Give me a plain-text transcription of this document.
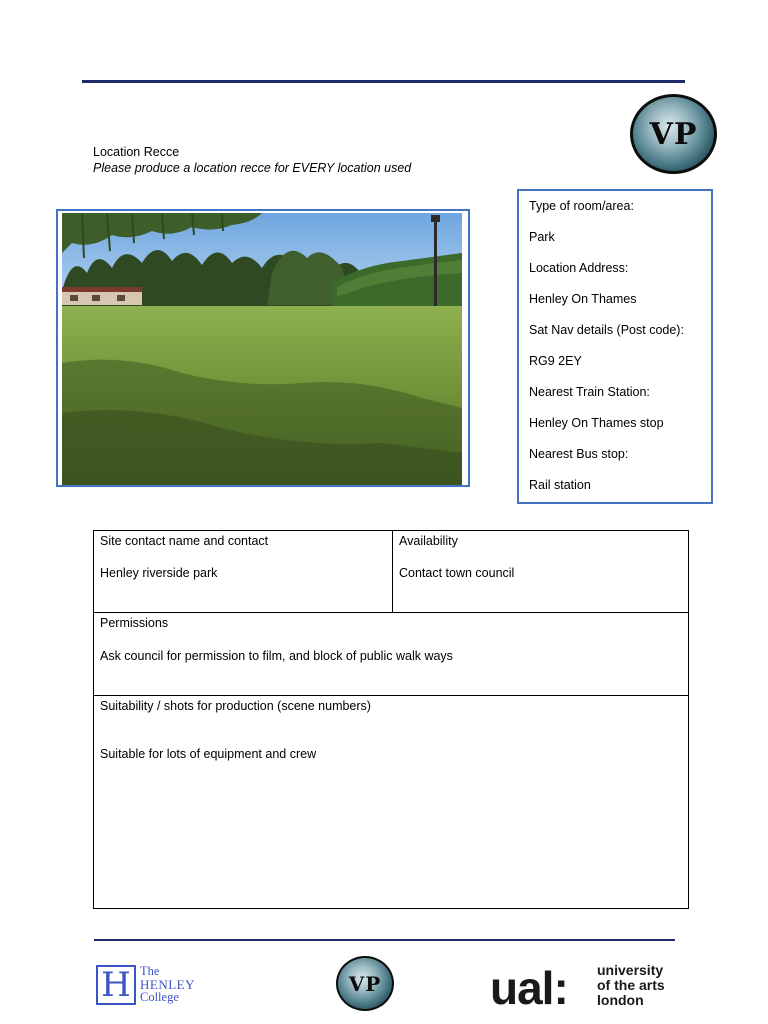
VP
Location Recce
Please produce a location recce for EVERY location used
Type of room/area:
Park
Location Address:
Henley On Thames
Sat Nav details (Post code):
RG9 2EY
Nearest Train Station:
Henley On Thames stop
Nearest Bus stop:
Rail station
Site contact name and contact
Henley riverside park

Availability
Contact town council

Permissions
Ask council for permission to film, and block of public walk ways

Suitability / shots for production (scene numbers)
Suitable for lots of equipment and crew
H The
HENLEY
College
VP ual: university
of the arts
london
